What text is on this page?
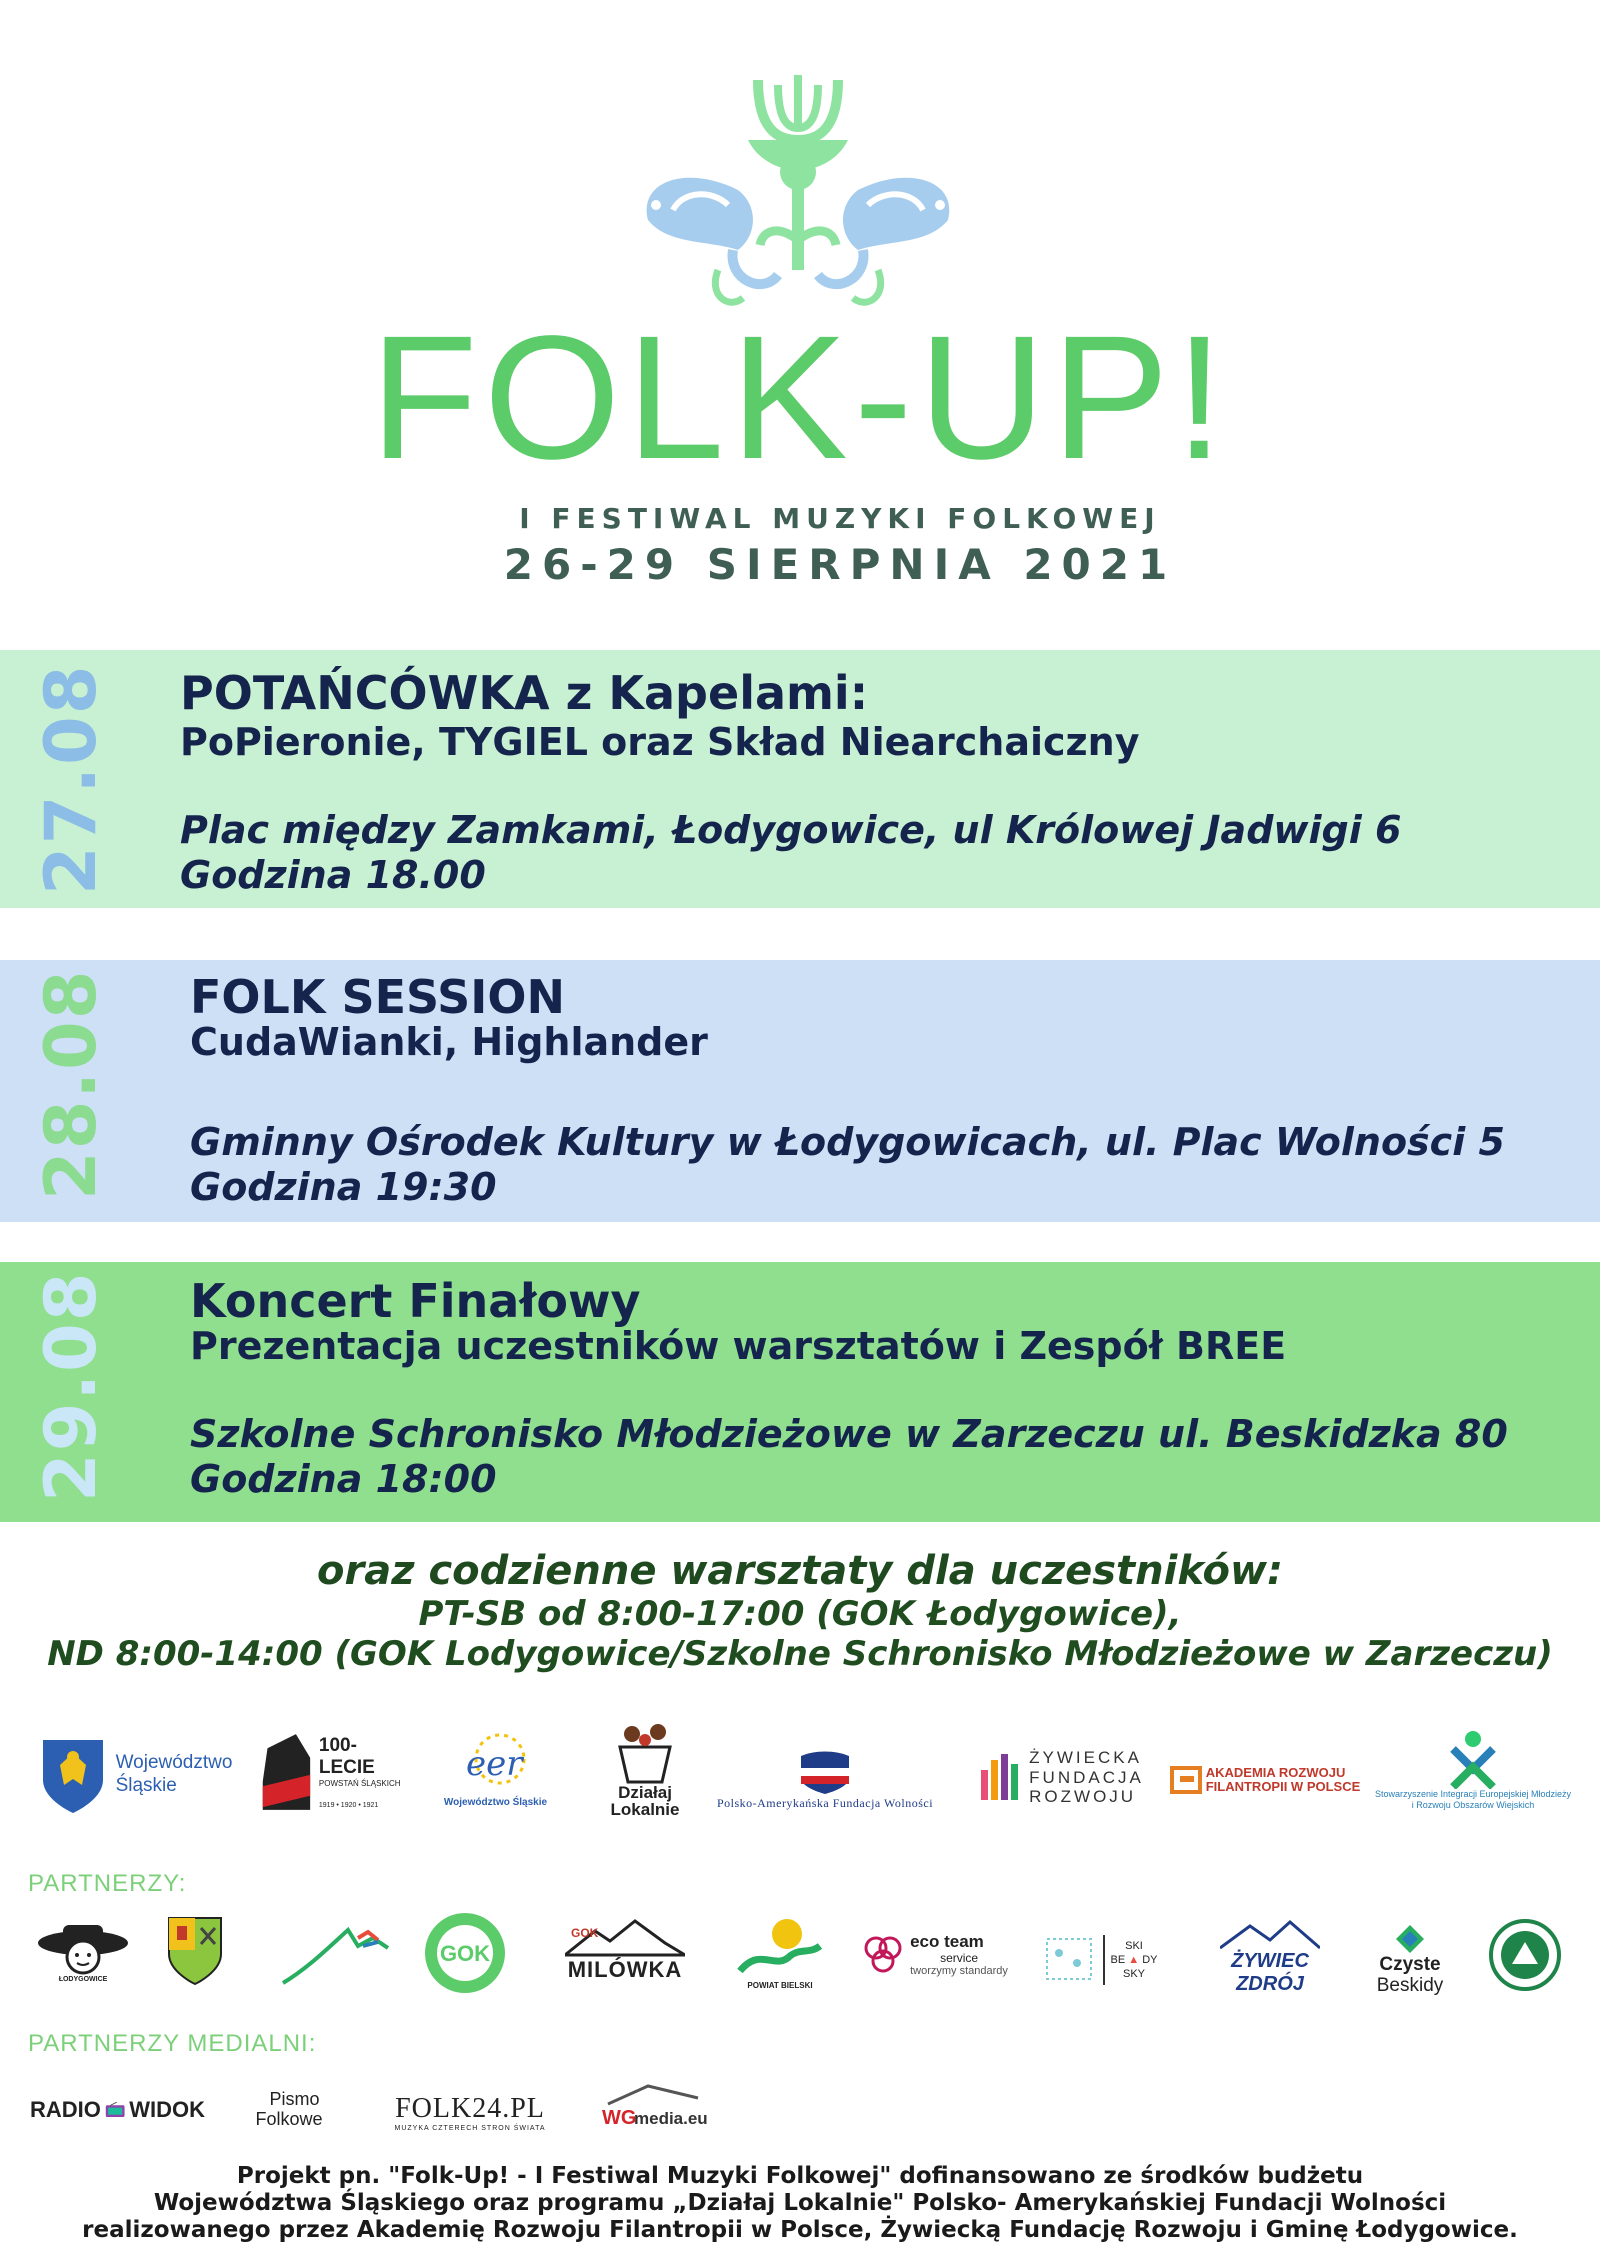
FOLK-UP!
I FESTIWAL MUZYKI FOLKOWEJ
26-29 SIERPNIA 2021
27.08 POTAŃCÓWKA z Kapelami:
PoPieronie, TYGIEL oraz Skład Niearchaiczny
Plac między Zamkami, Łodygowice, ul Królowej Jadwigi 6
Godzina 18.00
28.08 FOLK SESSION
CudaWianki, Highlander
Gminny Ośrodek Kultury w Łodygowicach, ul. Plac Wolności 5
Godzina 19:30
29.08 Koncert Finałowy
Prezentacja uczestników warsztatów i Zespół BREE
Szkolne Schronisko Młodzieżowe w Zarzeczu ul. Beskidzka 80
Godzina 18:00
oraz codzienne warsztaty dla uczestników:
PT-SB od 8:00-17:00 (GOK Łodygowice),
ND 8:00-14:00 (GOK Lodygowice/Szkolne Schronisko Młodzieżowe w Zarzeczu)
Województwo
Śląskie
100-LECIE
POWSTAŃ ŚLĄSKICH
1919 • 1920 • 1921
eer
Województwo Śląskie
Działaj
Lokalnie	Polsko-Amerykańska Fundacja Wolności
ŻYWIECKA
FUNDACJA
ROZWOJU
AKADEMIA ROZWOJU
FILANTROPII W POLSCE
Stowarzyszenie Integracji Europejskiej Młodzieży
i Rozwoju Obszarów Wiejskich
PARTNERZY:
ŁODYGOWICE
GOK
GOK
MILÓWKA
POWIAT BIELSKI
eco team
service
tworzymy standardy
SKI
BE ▲ DY
SKY
ŻYWIEC ZDRÓJ
Czyste
Beskidy
PARTNERZY MEDIALNI:
RADIO WIDOK	Pismo
Folkowe	FOLK24.PL
MUZYKA CZTERECH STRON ŚWIATA	WG
media.eu
Projekt pn. "Folk-Up! - I Festiwal Muzyki Folkowej" dofinansowano ze środków budżetu
Województwa Śląskiego oraz programu „Działaj Lokalnie" Polsko- Amerykańskiej Fundacji Wolności
realizowanego przez Akademię Rozwoju Filantropii w Polsce, Żywiecką Fundację Rozwoju i Gminę Łodygowice.
